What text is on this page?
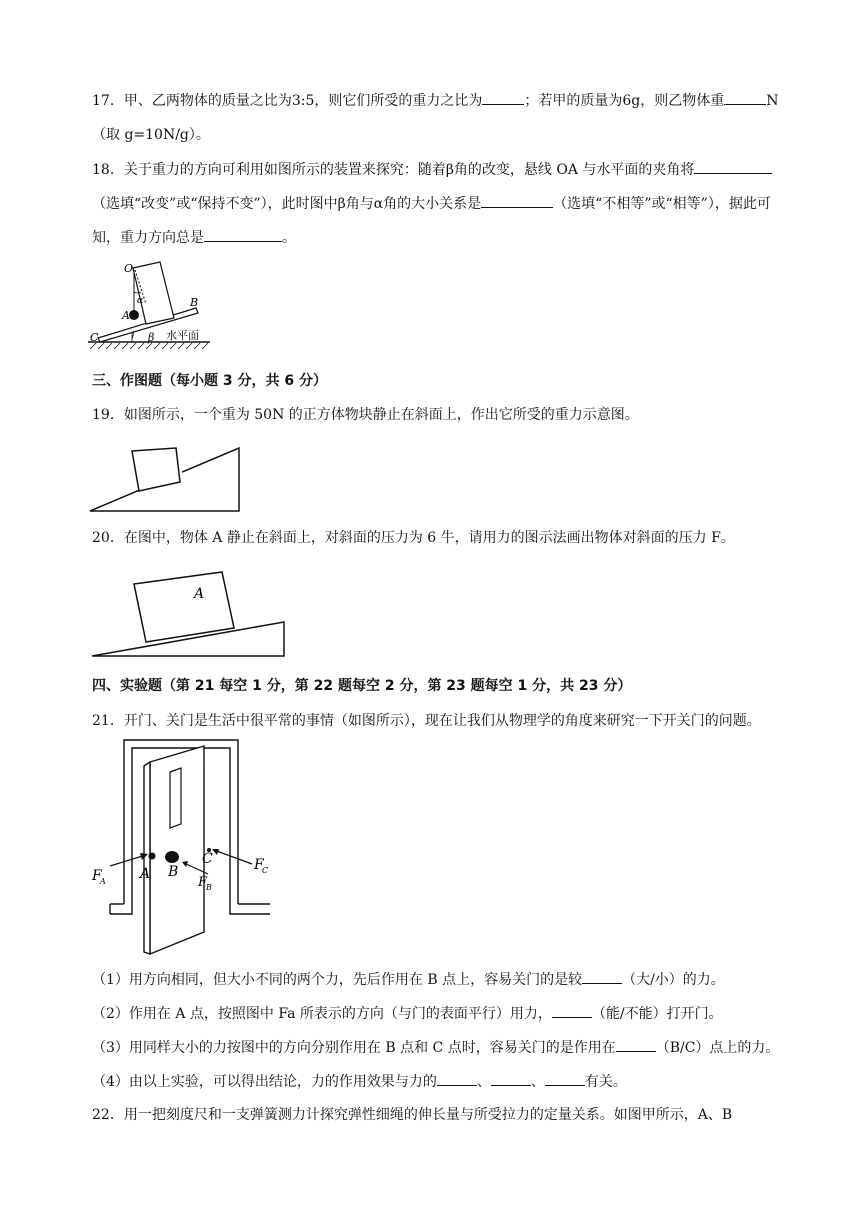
17．甲、乙两物体的质量之比为3:5，则它们所受的重力之比为	；若甲的质量为6g，则乙物体重	N
（取 g=10N/g）。
18．关于重力的方向可利用如图所示的装置来探究：随着β角的改变，悬线 OA 与水平面的夹角将
（选填“改变”或“保持不变”），此时图中β角与α角的大小关系是	（选填“不相等”或“相等”），据此可
知，重力方向总是	。
O
α
A
B
C	β 水平面
三、作图题（每小题 3 分，共 6 分）
19．如图所示，一个重为 50N 的正方体物块静止在斜面上，作出它所受的重力示意图。
20．在图中，物体 A 静止在斜面上，对斜面的压力为 6 牛，请用力的图示法画出物体对斜面的压力 F。
A
四、实验题（第 21 每空 1 分，第 22 题每空 2 分，第 23 题每空 1 分，共 23 分）
21．开门、关门是生活中很平常的事情（如图所示），现在让我们从物理学的角度来研究一下开关门的问题。
F
A A B
F
B
C	F
C
（1）用方向相同，但大小不同的两个力，先后作用在 B 点上，容易关门的是较	（大/小）的力。
（2）作用在 A 点，按照图中 Fa 所表示的方向（与门的表面平行）用力，	（能/不能）打开门。
（3）用同样大小的力按图中的方向分别作用在 B 点和 C 点时，容易关门的是作用在	（B/C）点上的力。
（4）由以上实验，可以得出结论，力的作用效果与力的	、	、	有关。
22．用一把刻度尺和一支弹簧测力计探究弹性细绳的伸长量与所受拉力的定量关系。如图甲所示，A、B
